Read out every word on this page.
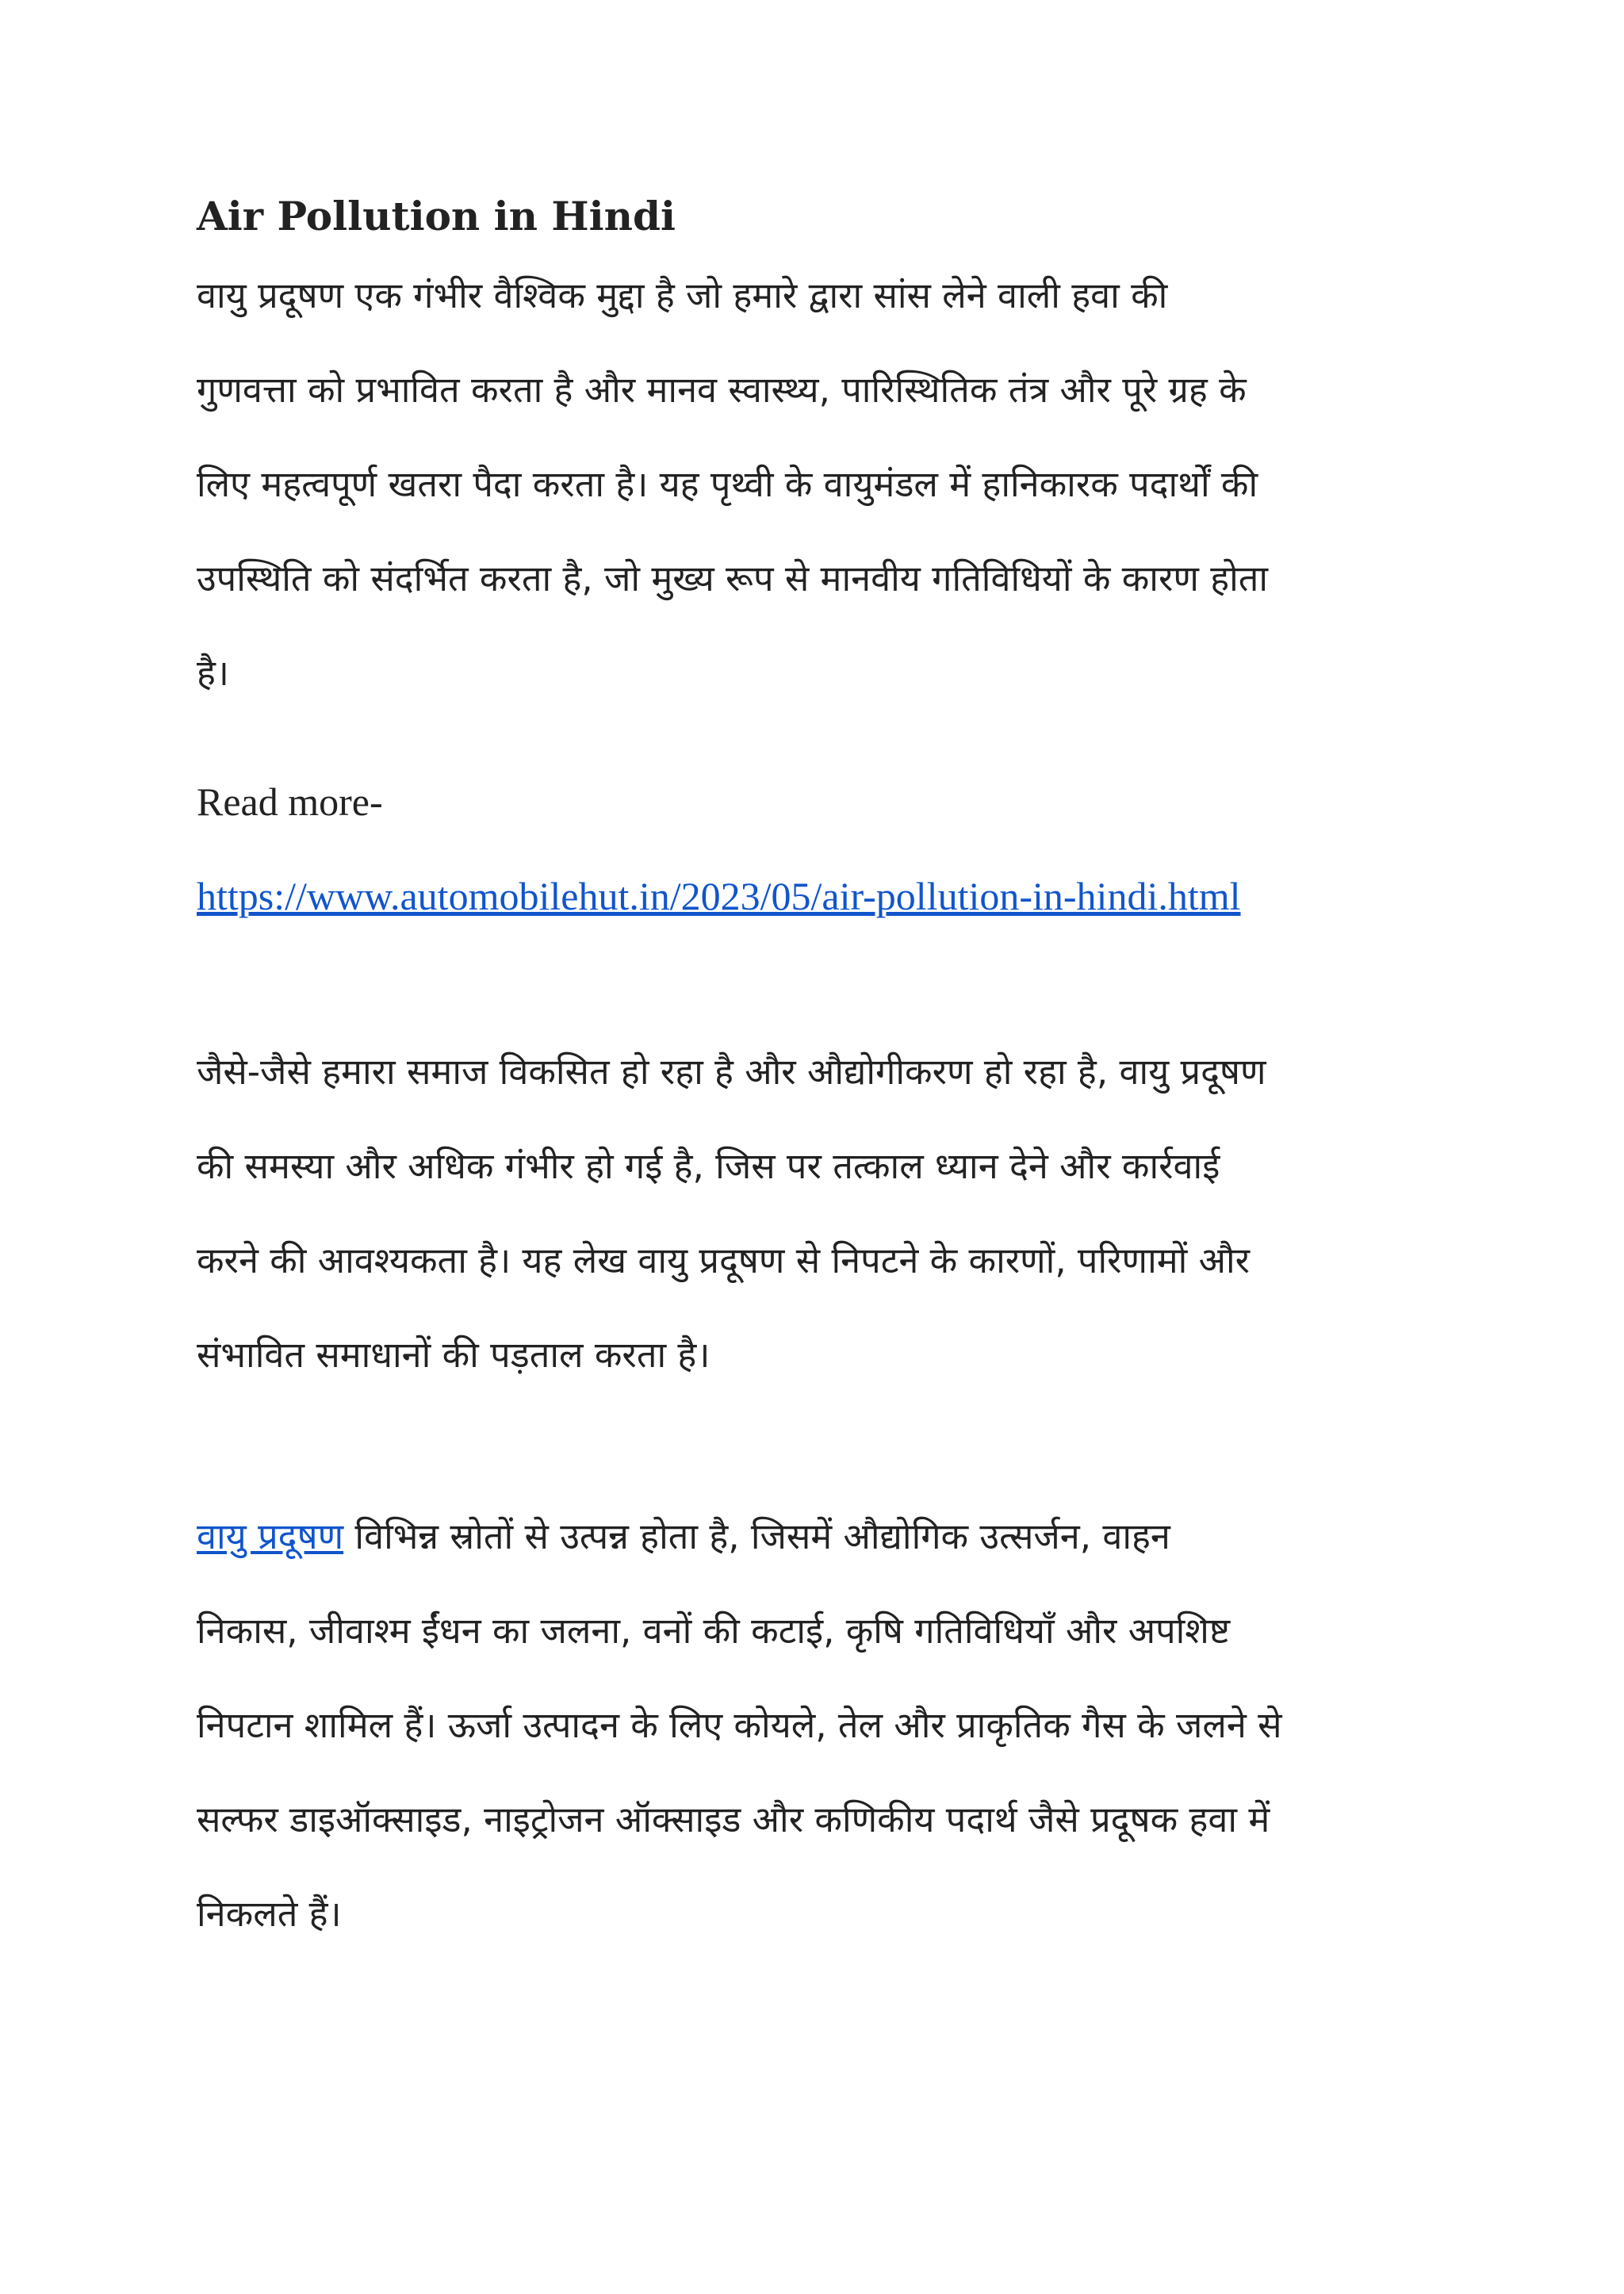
Air Pollution in Hindi

वायु प्रदूषण एक गंभीर वैश्विक मुद्दा है जो हमारे द्वारा सांस लेने वाली हवा की
गुणवत्ता को प्रभावित करता है और मानव स्वास्थ्य, पारिस्थितिक तंत्र और पूरे ग्रह के
लिए महत्वपूर्ण खतरा पैदा करता है। यह पृथ्वी के वायुमंडल में हानिकारक पदार्थों की
उपस्थिति को संदर्भित करता है, जो मुख्य रूप से मानवीय गतिविधियों के कारण होता
है।

Read more-

https://www.automobilehut.in/2023/05/air-pollution-in-hindi.html

जैसे-जैसे हमारा समाज विकसित हो रहा है और औद्योगीकरण हो रहा है, वायु प्रदूषण
की समस्या और अधिक गंभीर हो गई है, जिस पर तत्काल ध्यान देने और कार्रवाई
करने की आवश्यकता है। यह लेख वायु प्रदूषण से निपटने के कारणों, परिणामों और
संभावित समाधानों की पड़ताल करता है।

वायु प्रदूषण विभिन्न स्रोतों से उत्पन्न होता है, जिसमें औद्योगिक उत्सर्जन, वाहन
निकास, जीवाश्म ईंधन का जलना, वनों की कटाई, कृषि गतिविधियाँ और अपशिष्ट
निपटान शामिल हैं। ऊर्जा उत्पादन के लिए कोयले, तेल और प्राकृतिक गैस के जलने से
सल्फर डाइऑक्साइड, नाइट्रोजन ऑक्साइड और कणिकीय पदार्थ जैसे प्रदूषक हवा में
निकलते हैं।
